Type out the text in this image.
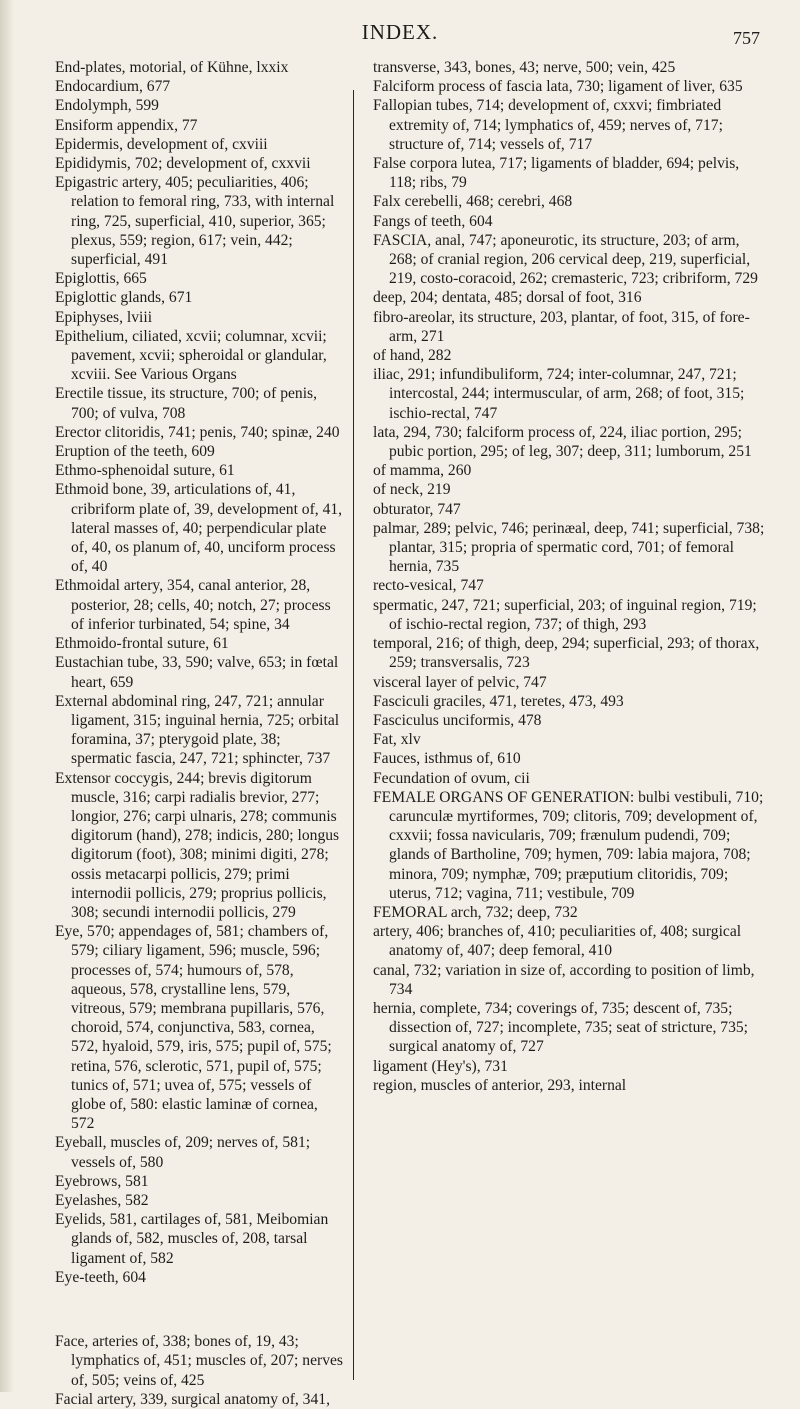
INDEX.	757

End-plates, motorial, of Kühne, lxxix

Endocardium, 677

Endolymph, 599

Ensiform appendix, 77

Epidermis, development of, cxviii

Epididymis, 702; development of, cxxvii

Epigastric artery, 405; peculiarities, 406; relation to femoral ring, 733, with internal ring, 725, superficial, 410, superior, 365; plexus, 559; region, 617; vein, 442; superficial, 491

Epiglottis, 665

Epiglottic glands, 671

Epiphyses, lviii

Epithelium, ciliated, xcvii; columnar, xcvii; pavement, xcvii; spheroidal or glandular, xcviii. See Various Organs

Erectile tissue, its structure, 700; of penis, 700; of vulva, 708

Erector clitoridis, 741; penis, 740; spinæ, 240

Eruption of the teeth, 609

Ethmo-sphenoidal suture, 61

Ethmoid bone, 39, articulations of, 41, cribriform plate of, 39, development of, 41, lateral masses of, 40; perpendicular plate of, 40, os planum of, 40, unciform process of, 40

Ethmoidal artery, 354, canal anterior, 28, posterior, 28; cells, 40; notch, 27; process of inferior turbinated, 54; spine, 34

Ethmoido-frontal suture, 61

Eustachian tube, 33, 590; valve, 653; in fœtal heart, 659

External abdominal ring, 247, 721; annular ligament, 315; inguinal hernia, 725; orbital foramina, 37; pterygoid plate, 38; spermatic fascia, 247, 721; sphincter, 737

Extensor coccygis, 244; brevis digitorum muscle, 316; carpi radialis brevior, 277; longior, 276; carpi ulnaris, 278; communis digitorum (hand), 278; indicis, 280; longus digitorum (foot), 308; minimi digiti, 278; ossis metacarpi pollicis, 279; primi internodii pollicis, 279; proprius pollicis, 308; secundi internodii pollicis, 279

Eye, 570; appendages of, 581; chambers of, 579; ciliary ligament, 596; muscle, 596; processes of, 574; humours of, 578, aqueous, 578, crystalline lens, 579, vitreous, 579; membrana pupillaris, 576, choroid, 574, conjunctiva, 583, cornea, 572, hyaloid, 579, iris, 575; pupil of, 575; retina, 576, sclerotic, 571, pupil of, 575; tunics of, 571; uvea of, 575; vessels of globe of, 580: elastic laminæ of cornea, 572

Eyeball, muscles of, 209; nerves of, 581; vessels of, 580

Eyebrows, 581

Eyelashes, 582

Eyelids, 581, cartilages of, 581, Meibomian glands of, 582, muscles of, 208, tarsal ligament of, 582

Eye-teeth, 604

Face, arteries of, 338; bones of, 19, 43; lymphatics of, 451; muscles of, 207; nerves of, 505; veins of, 425

Facial artery, 339, surgical anatomy of, 341,

transverse, 343, bones, 43; nerve, 500; vein, 425

Falciform process of fascia lata, 730; ligament of liver, 635

Fallopian tubes, 714; development of, cxxvi; fimbriated extremity of, 714; lymphatics of, 459; nerves of, 717; structure of, 714; vessels of, 717

False corpora lutea, 717; ligaments of bladder, 694; pelvis, 118; ribs, 79

Falx cerebelli, 468; cerebri, 468

Fangs of teeth, 604

FASCIA, anal, 747; aponeurotic, its structure, 203; of arm, 268; of cranial region, 206 cervical deep, 219, superficial, 219, costo-coracoid, 262; cremasteric, 723; cribriform, 729

deep, 204; dentata, 485; dorsal of foot, 316

fibro-areolar, its structure, 203, plantar, of foot, 315, of fore-arm, 271

of hand, 282

iliac, 291; infundibuliform, 724; inter-columnar, 247, 721; intercostal, 244; intermuscular, of arm, 268; of foot, 315; ischio-rectal, 747

lata, 294, 730; falciform process of, 224, iliac portion, 295; pubic portion, 295; of leg, 307; deep, 311; lumborum, 251

of mamma, 260

of neck, 219

obturator, 747

palmar, 289; pelvic, 746; perinæal, deep, 741; superficial, 738; plantar, 315; propria of spermatic cord, 701; of femoral hernia, 735

recto-vesical, 747

spermatic, 247, 721; superficial, 203; of inguinal region, 719; of ischio-rectal region, 737; of thigh, 293

temporal, 216; of thigh, deep, 294; superficial, 293; of thorax, 259; transversalis, 723

visceral layer of pelvic, 747

Fasciculi graciles, 471, teretes, 473, 493

Fasciculus unciformis, 478

Fat, xlv

Fauces, isthmus of, 610

Fecundation of ovum, cii

FEMALE ORGANS OF GENERATION: bulbi vestibuli, 710; carunculæ myrtiformes, 709; clitoris, 709; development of, cxxvii; fossa navicularis, 709; frænulum pudendi, 709; glands of Bartholine, 709; hymen, 709: labia majora, 708; minora, 709; nymphæ, 709; præputium clitoridis, 709; uterus, 712; vagina, 711; vestibule, 709

FEMORAL arch, 732; deep, 732

artery, 406; branches of, 410; peculiarities of, 408; surgical anatomy of, 407; deep femoral, 410

canal, 732; variation in size of, according to position of limb, 734

hernia, complete, 734; coverings of, 735; descent of, 735; dissection of, 727; incomplete, 735; seat of stricture, 735; surgical anatomy of, 727

ligament (Hey's), 731

region, muscles of anterior, 293, internal
